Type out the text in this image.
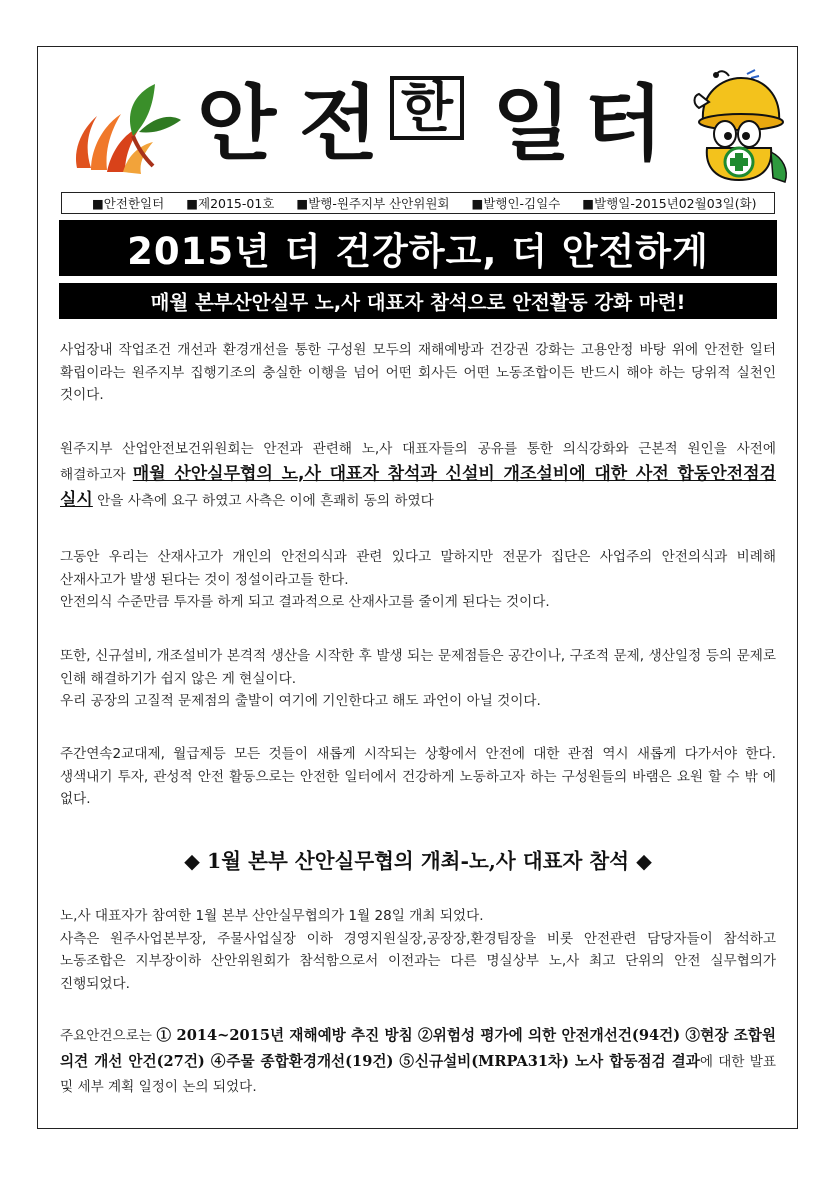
안 전 한 일 터
■안전한일터 ■제2015-01호 ■발행-원주지부 산안위원회 ■발행인-김일수 ■발행일-2015년02월03일(화)
2015년 더 건강하고, 더 안전하게
매월 본부산안실무 노,사 대표자 참석으로 안전활동 강화 마련!
사업장내 작업조건 개선과 환경개선을 통한 구성원 모두의 재해예방과 건강권 강화는 고용안정 바탕 위에 안전한 일터 확립이라는 원주지부 집행기조의 충실한 이행을 넘어 어떤 회사든 어떤 노동조합이든 반드시 해야 하는 당위적 실천인 것이다.
원주지부 산업안전보건위원회는 안전과 관련해 노,사 대표자들의 공유를 통한 의식강화와 근본적 원인을 사전에 해결하고자 매월 산안실무협의 노,사 대표자 참석과 신설비 개조설비에 대한 사전 합동안전점검 실시 안을 사측에 요구 하였고 사측은 이에 흔쾌히 동의 하였다
그동안 우리는 산재사고가 개인의 안전의식과 관련 있다고 말하지만 전문가 집단은 사업주의 안전의식과 비례해 산재사고가 발생 된다는 것이 정설이라고들 한다.
안전의식 수준만큼 투자를 하게 되고 결과적으로 산재사고를 줄이게 된다는 것이다.
또한, 신규설비, 개조설비가 본격적 생산을 시작한 후 발생 되는 문제점들은 공간이나, 구조적 문제, 생산일정 등의 문제로 인해 해결하기가 쉽지 않은 게 현실이다.
우리 공장의 고질적 문제점의 출발이 여기에 기인한다고 해도 과언이 아닐 것이다.
주간연속2교대제, 월급제등 모든 것들이 새롭게 시작되는 상황에서 안전에 대한 관점 역시 새롭게 다가서야 한다. 생색내기 투자, 관성적 안전 활동으로는 안전한 일터에서 건강하게 노동하고자 하는 구성원들의 바램은 요원 할 수 밖 에 없다.
◆ 1월 본부 산안실무협의 개최-노,사 대표자 참석 ◆
노,사 대표자가 참여한 1월 본부 산안실무협의가 1월 28일 개최 되었다.
사측은 원주사업본부장, 주물사업실장 이하 경영지원실장,공장장,환경팀장을 비롯 안전관련 담당자들이 참석하고 노동조합은 지부장이하 산안위원회가 참석함으로서 이전과는 다른 명실상부 노,사 최고 단위의 안전 실무협의가 진행되었다.
주요안건으로는 ① 2014~2015년 재해예방 추진 방침 ②위험성 평가에 의한 안전개선건(94건) ③현장 조합원 의견 개선 안건(27건) ④주물 종합환경개선(19건) ⑤신규설비(MRPA31차) 노사 합동점검 결과에 대한 발표 및 세부 계획 일정이 논의 되었다.
